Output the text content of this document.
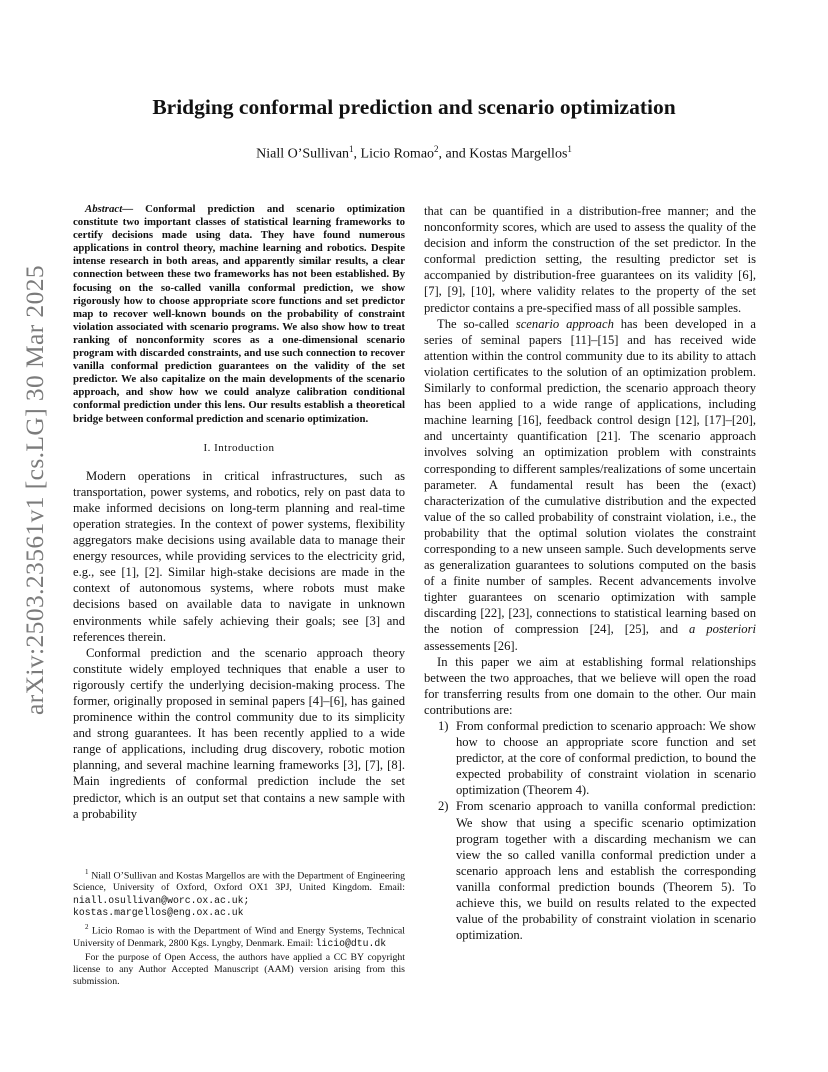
arXiv:2503.23561v1 [cs.LG] 30 Mar 2025
Bridging conformal prediction and scenario optimization
Niall O’Sullivan$^1$, Licio Romao$^2$, and Kostas Margellos$^1$

Abstract— Conformal prediction and scenario optimization constitute two important classes of statistical learning frameworks to certify decisions made using data. They have found numerous applications in control theory, machine learning and robotics. Despite intense research in both areas, and apparently similar results, a clear connection between these two frameworks has not been established. By focusing on the so-called vanilla conformal prediction, we show rigorously how to choose appropriate score functions and set predictor map to recover well-known bounds on the probability of constraint violation associated with scenario programs. We also show how to treat ranking of nonconformity scores as a one-dimensional scenario program with discarded constraints, and use such connection to recover vanilla conformal prediction guarantees on the validity of the set predictor. We also capitalize on the main developments of the scenario approach, and show how we could analyze calibration conditional conformal prediction under this lens. Our results establish a theoretical bridge between conformal prediction and scenario optimization.

I. Introduction

Modern operations in critical infrastructures, such as transportation, power systems, and robotics, rely on past data to make informed decisions on long-term planning and real-time operation strategies. In the context of power systems, flexibility aggregators make decisions using available data to manage their energy resources, while providing services to the electricity grid, e.g., see [1], [2]. Similar high-stake decisions are made in the context of autonomous systems, where robots must make decisions based on available data to navigate in unknown environments while safely achieving their goals; see [3] and references therein.

Conformal prediction and the scenario approach theory constitute widely employed techniques that enable a user to rigorously certify the underlying decision-making process. The former, originally proposed in seminal papers [4]–[6], has gained prominence within the control community due to its simplicity and strong guarantees. It has been recently applied to a wide range of applications, including drug discovery, robotic motion planning, and several machine learning frameworks [3], [7], [8]. Main ingredients of conformal prediction include the set predictor, which is an output set that contains a new sample with a probability

$^1$ Niall O’Sullivan and Kostas Margellos are with the Department of Engineering Science, University of Oxford, Oxford OX1 3PJ, United Kingdom. Email: niall.osullivan@worc.ox.ac.uk; kostas.margellos@eng.ox.ac.uk

$^2$ Licio Romao is with the Department of Wind and Energy Systems, Technical University of Denmark, 2800 Kgs. Lyngby, Denmark. Email: licio@dtu.dk

For the purpose of Open Access, the authors have applied a CC BY copyright license to any Author Accepted Manuscript (AAM) version arising from this submission.

that can be quantified in a distribution-free manner; and the nonconformity scores, which are used to assess the quality of the decision and inform the construction of the set predictor. In the conformal prediction setting, the resulting predictor set is accompanied by distribution-free guarantees on its validity [6], [7], [9], [10], where validity relates to the property of the set predictor contains a pre-specified mass of all possible samples.

The so-called scenario approach has been developed in a series of seminal papers [11]–[15] and has received wide attention within the control community due to its ability to attach violation certificates to the solution of an optimization problem. Similarly to conformal prediction, the scenario approach theory has been applied to a wide range of applications, including machine learning [16], feedback control design [12], [17]–[20], and uncertainty quantification [21]. The scenario approach involves solving an optimization problem with constraints corresponding to different samples/realizations of some uncertain parameter. A fundamental result has been the (exact) characterization of the cumulative distribution and the expected value of the so called probability of constraint violation, i.e., the probability that the optimal solution violates the constraint corresponding to a new unseen sample. Such developments serve as generalization guarantees to solutions computed on the basis of a finite number of samples. Recent advancements involve tighter guarantees on scenario optimization with sample discarding [22], [23], connections to statistical learning based on the notion of compression [24], [25], and a posteriori assessements [26].

In this paper we aim at establishing formal relationships between the two approaches, that we believe will open the road for transferring results from one domain to the other. Our main contributions are:

1) From conformal prediction to scenario approach: We show how to choose an appropriate score function and set predictor, at the core of conformal prediction, to bound the expected probability of constraint violation in scenario optimization (Theorem 4).
2) From scenario approach to vanilla conformal prediction: We show that using a specific scenario optimization program together with a discarding mechanism we can view the so called vanilla conformal prediction under a scenario approach lens and establish the corresponding vanilla conformal prediction bounds (Theorem 5). To achieve this, we build on results related to the expected value of the probability of constraint violation in scenario optimization.
